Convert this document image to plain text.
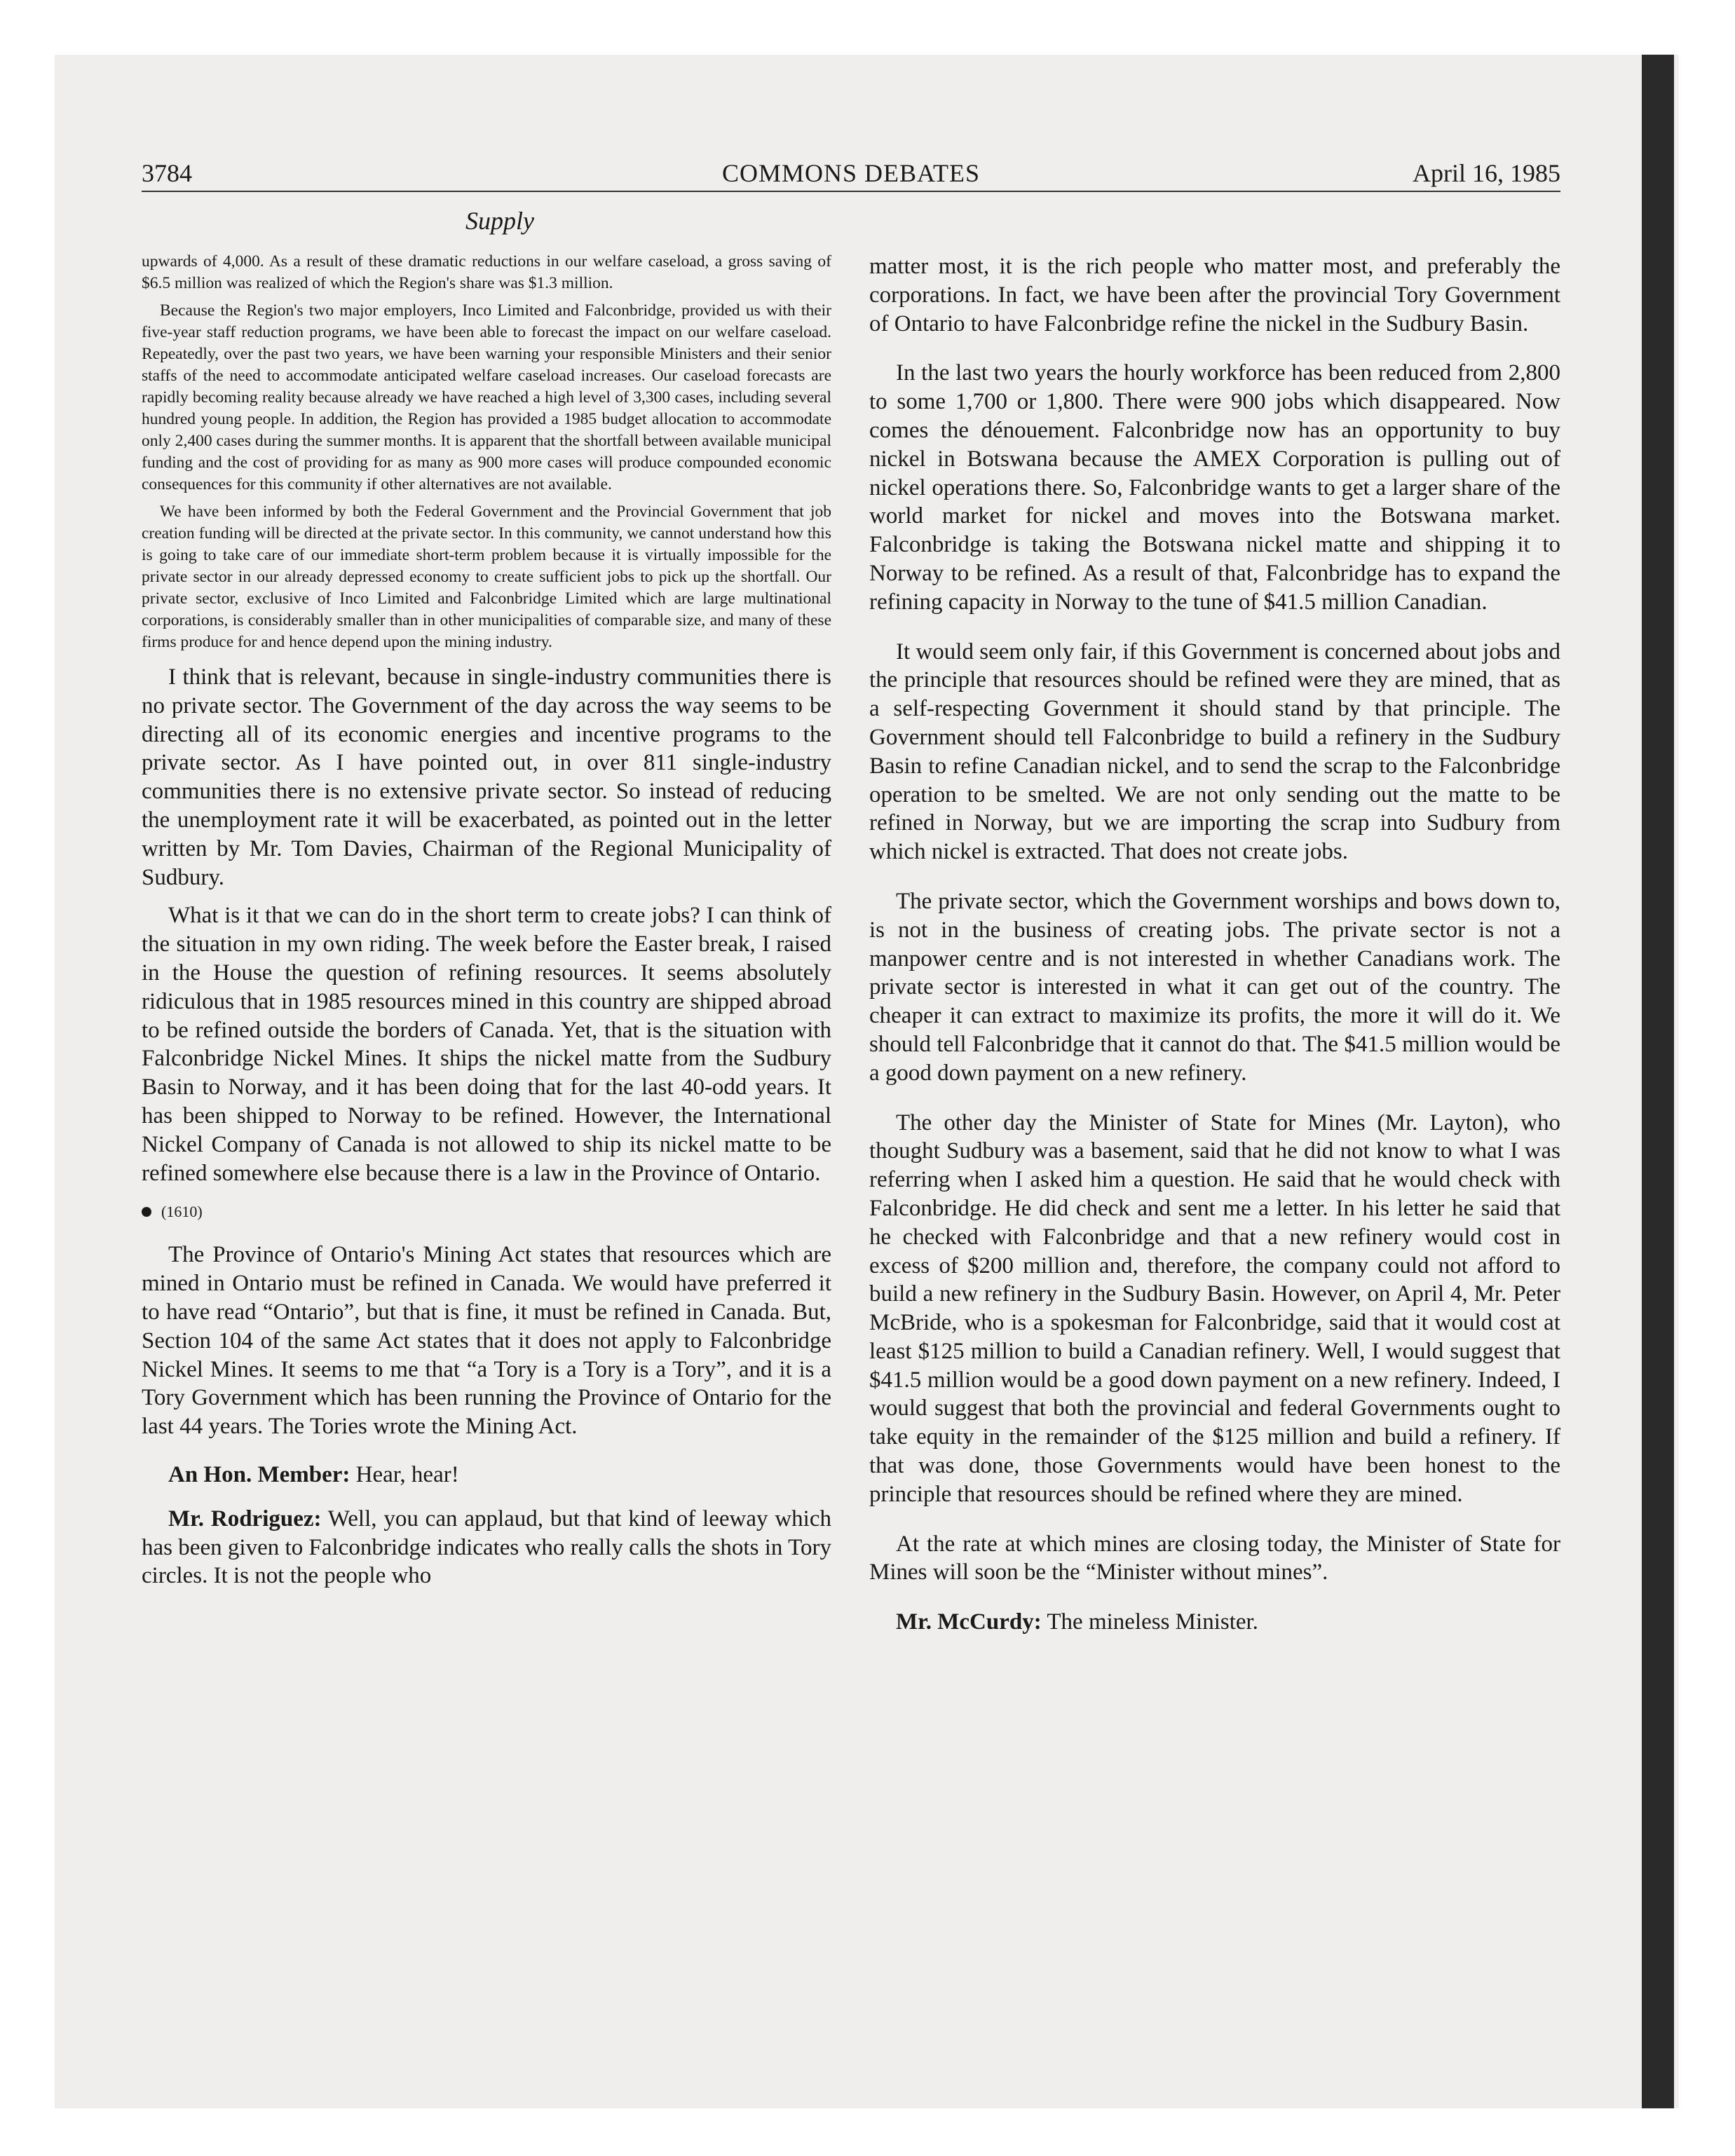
3784	COMMONS DEBATES	April 16, 1985
Supply

upwards of 4,000. As a result of these dramatic reductions in our welfare caseload, a gross saving of $6.5 million was realized of which the Region's share was $1.3 million.

Because the Region's two major employers, Inco Limited and Falconbridge, provided us with their five-year staff reduction programs, we have been able to forecast the impact on our welfare caseload. Repeatedly, over the past two years, we have been warning your responsible Ministers and their senior staffs of the need to accommodate anticipated welfare caseload increases. Our caseload forecasts are rapidly becoming reality because already we have reached a high level of 3,300 cases, including several hundred young people. In addition, the Region has provided a 1985 budget allocation to accommodate only 2,400 cases during the summer months. It is apparent that the shortfall between available municipal funding and the cost of providing for as many as 900 more cases will produce compounded economic consequences for this community if other alternatives are not available.

We have been informed by both the Federal Government and the Provincial Government that job creation funding will be directed at the private sector. In this community, we cannot understand how this is going to take care of our immediate short-term problem because it is virtually impossible for the private sector in our already depressed economy to create sufficient jobs to pick up the shortfall. Our private sector, exclusive of Inco Limited and Falconbridge Limited which are large multinational corporations, is considerably smaller than in other municipalities of comparable size, and many of these firms produce for and hence depend upon the mining industry.

I think that is relevant, because in single-industry communities there is no private sector. The Government of the day across the way seems to be directing all of its economic energies and incentive programs to the private sector. As I have pointed out, in over 811 single-industry communities there is no extensive private sector. So instead of reducing the unemployment rate it will be exacerbated, as pointed out in the letter written by Mr. Tom Davies, Chairman of the Regional Municipality of Sudbury.

What is it that we can do in the short term to create jobs? I can think of the situation in my own riding. The week before the Easter break, I raised in the House the question of refining resources. It seems absolutely ridiculous that in 1985 resources mined in this country are shipped abroad to be refined outside the borders of Canada. Yet, that is the situation with Falconbridge Nickel Mines. It ships the nickel matte from the Sudbury Basin to Norway, and it has been doing that for the last 40-odd years. It has been shipped to Norway to be refined. However, the International Nickel Company of Canada is not allowed to ship its nickel matte to be refined somewhere else because there is a law in the Province of Ontario.

(1610)

The Province of Ontario's Mining Act states that resources which are mined in Ontario must be refined in Canada. We would have preferred it to have read “Ontario”, but that is fine, it must be refined in Canada. But, Section 104 of the same Act states that it does not apply to Falconbridge Nickel Mines. It seems to me that “a Tory is a Tory is a Tory”, and it is a Tory Government which has been running the Province of Ontario for the last 44 years. The Tories wrote the Mining Act.

An Hon. Member: Hear, hear!

Mr. Rodriguez: Well, you can applaud, but that kind of leeway which has been given to Falconbridge indicates who really calls the shots in Tory circles. It is not the people who

matter most, it is the rich people who matter most, and preferably the corporations. In fact, we have been after the provincial Tory Government of Ontario to have Falconbridge refine the nickel in the Sudbury Basin.

In the last two years the hourly workforce has been reduced from 2,800 to some 1,700 or 1,800. There were 900 jobs which disappeared. Now comes the dénouement. Falconbridge now has an opportunity to buy nickel in Botswana because the AMEX Corporation is pulling out of nickel operations there. So, Falconbridge wants to get a larger share of the world market for nickel and moves into the Botswana market. Falconbridge is taking the Botswana nickel matte and shipping it to Norway to be refined. As a result of that, Falconbridge has to expand the refining capacity in Norway to the tune of $41.5 million Canadian.

It would seem only fair, if this Government is concerned about jobs and the principle that resources should be refined were they are mined, that as a self-respecting Government it should stand by that principle. The Government should tell Falconbridge to build a refinery in the Sudbury Basin to refine Canadian nickel, and to send the scrap to the Falconbridge operation to be smelted. We are not only sending out the matte to be refined in Norway, but we are importing the scrap into Sudbury from which nickel is extracted. That does not create jobs.

The private sector, which the Government worships and bows down to, is not in the business of creating jobs. The private sector is not a manpower centre and is not interested in whether Canadians work. The private sector is interested in what it can get out of the country. The cheaper it can extract to maximize its profits, the more it will do it. We should tell Falconbridge that it cannot do that. The $41.5 million would be a good down payment on a new refinery.

The other day the Minister of State for Mines (Mr. Layton), who thought Sudbury was a basement, said that he did not know to what I was referring when I asked him a question. He said that he would check with Falconbridge. He did check and sent me a letter. In his letter he said that he checked with Falconbridge and that a new refinery would cost in excess of $200 million and, therefore, the company could not afford to build a new refinery in the Sudbury Basin. However, on April 4, Mr. Peter McBride, who is a spokesman for Falconbridge, said that it would cost at least $125 million to build a Canadian refinery. Well, I would suggest that $41.5 million would be a good down payment on a new refinery. Indeed, I would suggest that both the provincial and federal Governments ought to take equity in the remainder of the $125 million and build a refinery. If that was done, those Governments would have been honest to the principle that resources should be refined where they are mined.

At the rate at which mines are closing today, the Minister of State for Mines will soon be the “Minister without mines”.

Mr. McCurdy: The mineless Minister.
